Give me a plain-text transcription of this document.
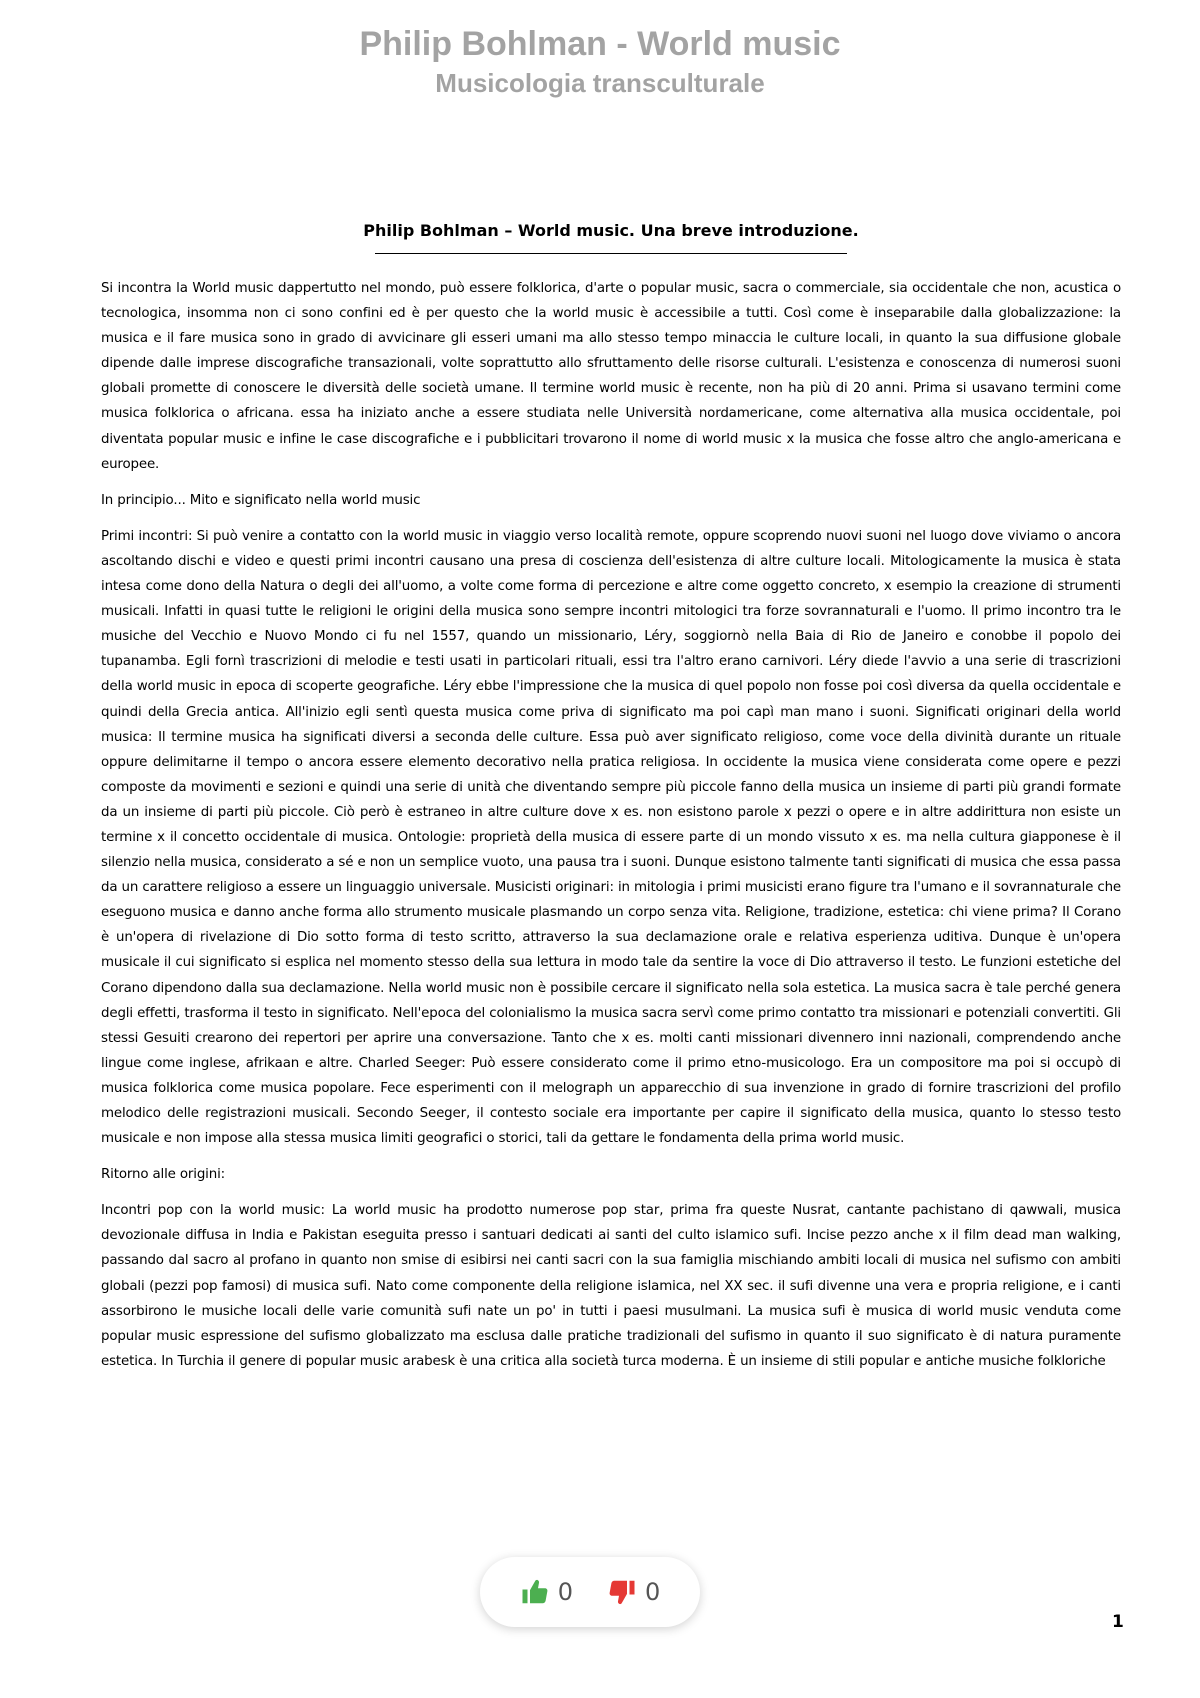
Philip Bohlman - World music
Musicologia transculturale
Philip Bohlman – World music. Una breve introduzione.

Si incontra la World music dappertutto nel mondo, può essere folklorica, d'arte o popular music, sacra o commerciale, sia occidentale che non, acustica o tecnologica, insomma non ci sono confini ed è per questo che la world music è accessibile a tutti. Così come è inseparabile dalla globalizzazione: la musica e il fare musica sono in grado di avvicinare gli esseri umani ma allo stesso tempo minaccia le culture locali, in quanto la sua diffusione globale dipende dalle imprese discografiche transazionali, volte soprattutto allo sfruttamento delle risorse culturali. L'esistenza e conoscenza di numerosi suoni globali promette di conoscere le diversità delle società umane. Il termine world music è recente, non ha più di 20 anni. Prima si usavano termini come musica folklorica o africana. essa ha iniziato anche a essere studiata nelle Università nordamericane, come alternativa alla musica occidentale, poi diventata popular music e infine le case discografiche e i pubblicitari trovarono il nome di world music x la musica che fosse altro che anglo-americana e europee.

In principio... Mito e significato nella world music

Primi incontri: Si può venire a contatto con la world music in viaggio verso località remote, oppure scoprendo nuovi suoni nel luogo dove viviamo o ancora ascoltando dischi e video e questi primi incontri causano una presa di coscienza dell'esistenza di altre culture locali. Mitologicamente la musica è stata intesa come dono della Natura o degli dei all'uomo, a volte come forma di percezione e altre come oggetto concreto, x esempio la creazione di strumenti musicali. Infatti in quasi tutte le religioni le origini della musica sono sempre incontri mitologici tra forze sovrannaturali e l'uomo. Il primo incontro tra le musiche del Vecchio e Nuovo Mondo ci fu nel 1557, quando un missionario, Léry, soggiornò nella Baia di Rio de Janeiro e conobbe il popolo dei tupanamba. Egli fornì trascrizioni di melodie e testi usati in particolari rituali, essi tra l'altro erano carnivori. Léry diede l'avvio a una serie di trascrizioni della world music in epoca di scoperte geografiche. Léry ebbe l'impressione che la musica di quel popolo non fosse poi così diversa da quella occidentale e quindi della Grecia antica. All'inizio egli sentì questa musica come priva di significato ma poi capì man mano i suoni. Significati originari della world musica: Il termine musica ha significati diversi a seconda delle culture. Essa può aver significato religioso, come voce della divinità durante un rituale oppure delimitarne il tempo o ancora essere elemento decorativo nella pratica religiosa. In occidente la musica viene considerata come opere e pezzi composte da movimenti e sezioni e quindi una serie di unità che diventando sempre più piccole fanno della musica un insieme di parti più grandi formate da un insieme di parti più piccole. Ciò però è estraneo in altre culture dove x es. non esistono parole x pezzi o opere e in altre addirittura non esiste un termine x il concetto occidentale di musica. Ontologie: proprietà della musica di essere parte di un mondo vissuto x es. ma nella cultura giapponese è il silenzio nella musica, considerato a sé e non un semplice vuoto, una pausa tra i suoni. Dunque esistono talmente tanti significati di musica che essa passa da un carattere religioso a essere un linguaggio universale. Musicisti originari: in mitologia i primi musicisti erano figure tra l'umano e il sovrannaturale che eseguono musica e danno anche forma allo strumento musicale plasmando un corpo senza vita. Religione, tradizione, estetica: chi viene prima? Il Corano è un'opera di rivelazione di Dio sotto forma di testo scritto, attraverso la sua declamazione orale e relativa esperienza uditiva. Dunque è un'opera musicale il cui significato si esplica nel momento stesso della sua lettura in modo tale da sentire la voce di Dio attraverso il testo. Le funzioni estetiche del Corano dipendono dalla sua declamazione. Nella world music non è possibile cercare il significato nella sola estetica. La musica sacra è tale perché genera degli effetti, trasforma il testo in significato. Nell'epoca del colonialismo la musica sacra servì come primo contatto tra missionari e potenziali convertiti. Gli stessi Gesuiti crearono dei repertori per aprire una conversazione. Tanto che x es. molti canti missionari divennero inni nazionali, comprendendo anche lingue come inglese, afrikaan e altre. Charled Seeger: Può essere considerato come il primo etno-musicologo. Era un compositore ma poi si occupò di musica folklorica come musica popolare. Fece esperimenti con il melograph un apparecchio di sua invenzione in grado di fornire trascrizioni del profilo melodico delle registrazioni musicali. Secondo Seeger, il contesto sociale era importante per capire il significato della musica, quanto lo stesso testo musicale e non impose alla stessa musica limiti geografici o storici, tali da gettare le fondamenta della prima world music.

Ritorno alle origini:

Incontri pop con la world music: La world music ha prodotto numerose pop star, prima fra queste Nusrat, cantante pachistano di qawwali, musica devozionale diffusa in India e Pakistan eseguita presso i santuari dedicati ai santi del culto islamico sufi. Incise pezzo anche x il film dead man walking, passando dal sacro al profano in quanto non smise di esibirsi nei canti sacri con la sua famiglia mischiando ambiti locali di musica nel sufismo con ambiti globali (pezzi pop famosi) di musica sufi. Nato come componente della religione islamica, nel XX sec. il sufi divenne una vera e propria religione, e i canti assorbirono le musiche locali delle varie comunità sufi nate un po' in tutti i paesi musulmani. La musica sufi è musica di world music venduta come popular music espressione del sufismo globalizzato ma esclusa dalle pratiche tradizionali del sufismo in quanto il suo significato è di natura puramente estetica. In Turchia il genere di popular music arabesk è una critica alla società turca moderna. È un insieme di stili popular e antiche musiche folkloriche

0	0
1
